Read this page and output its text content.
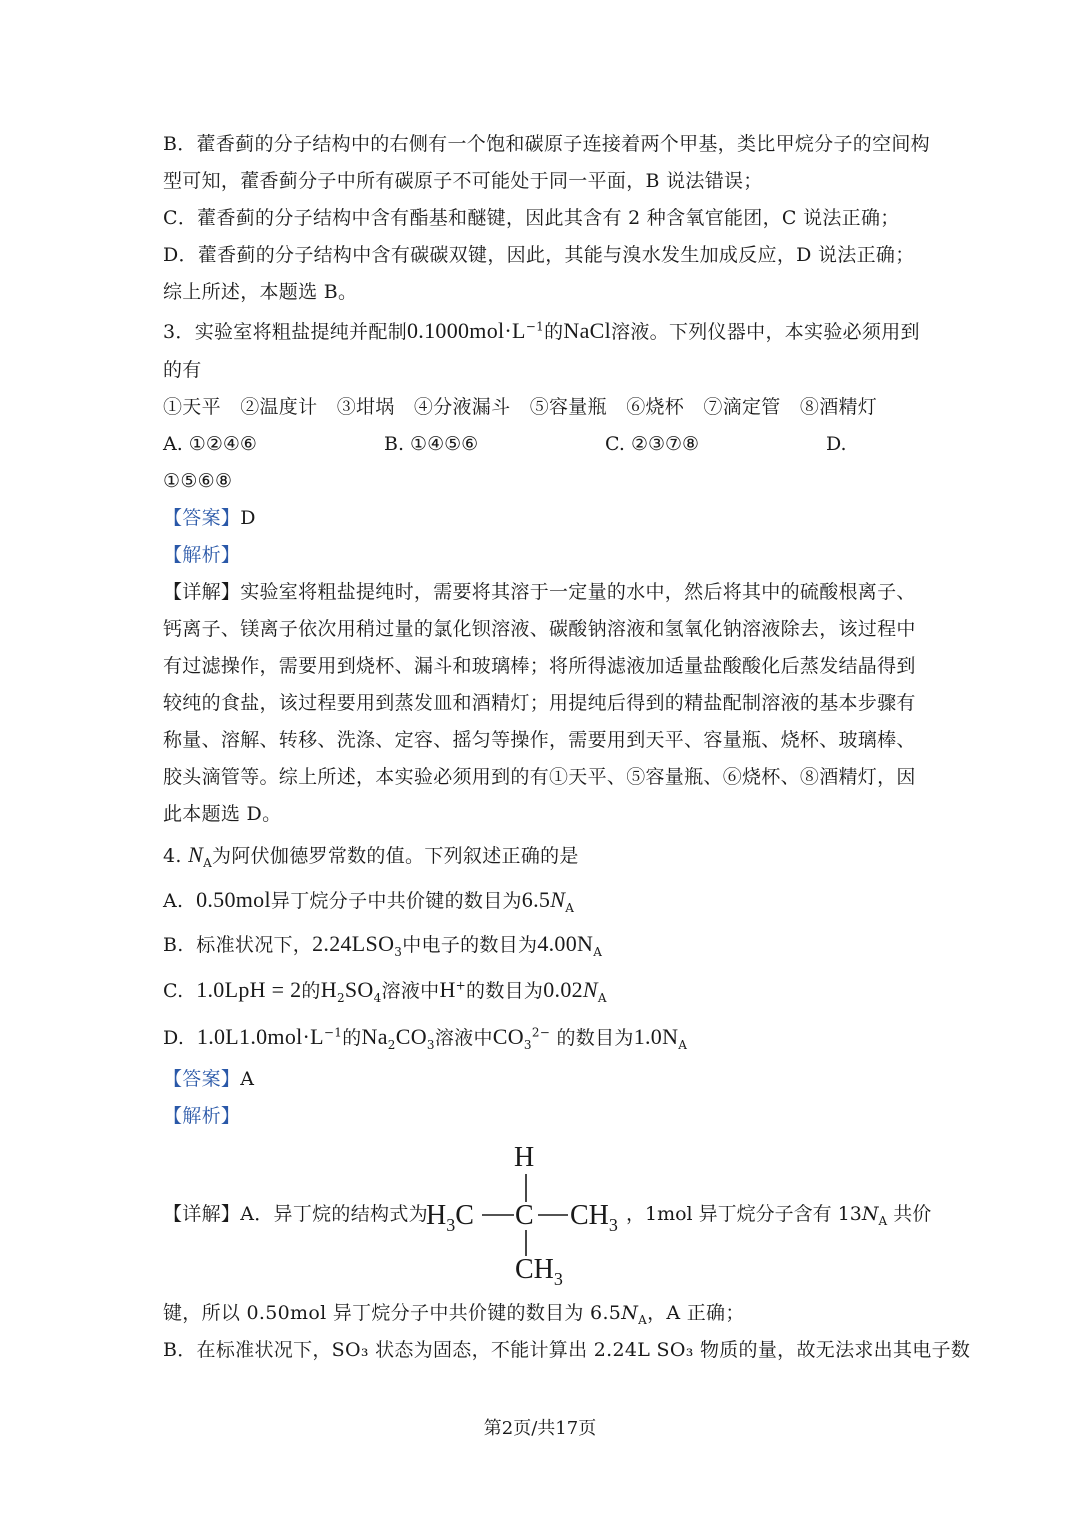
B．藿香蓟的分子结构中的右侧有一个饱和碳原子连接着两个甲基，类比甲烷分子的空间构
型可知，藿香蓟分子中所有碳原子不可能处于同一平面，B 说法错误；
C．藿香蓟的分子结构中含有酯基和醚键，因此其含有 2 种含氧官能团，C 说法正确；
D．藿香蓟的分子结构中含有碳碳双键，因此，其能与溴水发生加成反应，D 说法正确；
综上所述，本题选 B。
3．实验室将粗盐提纯并配制$0.1000mol\cdot L^{-1}$的NaCl溶液。下列仪器中，本实验必须用到
的有
①天平　②温度计　③坩埚　④分液漏斗　⑤容量瓶　⑥烧杯　⑦滴定管　⑧酒精灯
A. ①②④⑥	B. ①④⑤⑥	C. ②③⑦⑧	D.
①⑤⑥⑧
【答案】D
【解析】
【详解】实验室将粗盐提纯时，需要将其溶于一定量的水中，然后将其中的硫酸根离子、
钙离子、镁离子依次用稍过量的氯化钡溶液、碳酸钠溶液和氢氧化钠溶液除去，该过程中
有过滤操作，需要用到烧杯、漏斗和玻璃棒；将所得滤液加适量盐酸酸化后蒸发结晶得到
较纯的食盐，该过程要用到蒸发皿和酒精灯；用提纯后得到的精盐配制溶液的基本步骤有
称量、溶解、转移、洗涤、定容、摇匀等操作，需要用到天平、容量瓶、烧杯、玻璃棒、
胶头滴管等。综上所述，本实验必须用到的有①天平、⑤容量瓶、⑥烧杯、⑧酒精灯，因
此本题选 D。
4. $N_A$为阿伏伽德罗常数的值。下列叙述正确的是
A. 0.50mol异丁烷分子中共价键的数目为$6.5N_A$
B. 标准状况下，$2.24LSO_3$中电子的数目为$4.00N_A$
C. 1.0LpH = 2的$H_2SO_4$溶液中H+的数目为$0.02N_A$
D. $1.0L1.0mol\cdot L^{-1}$的$Na_2CO_3$溶液中$CO_3^{2-}$ 的数目为$1.0N_A$
【答案】A
【解析】
【详解】A．异丁烷的结构式为
H
$H_3C$ C $CH_3$
$CH_3$
，1mol 异丁烷分子含有 $13N_A$ 共价
键，所以 0.50mol 异丁烷分子中共价键的数目为 $6.5N_A$，A 正确；
B．在标准状况下，SO₃ 状态为固态，不能计算出 2.24L SO₃ 物质的量，故无法求出其电子数
第2页/共17页
